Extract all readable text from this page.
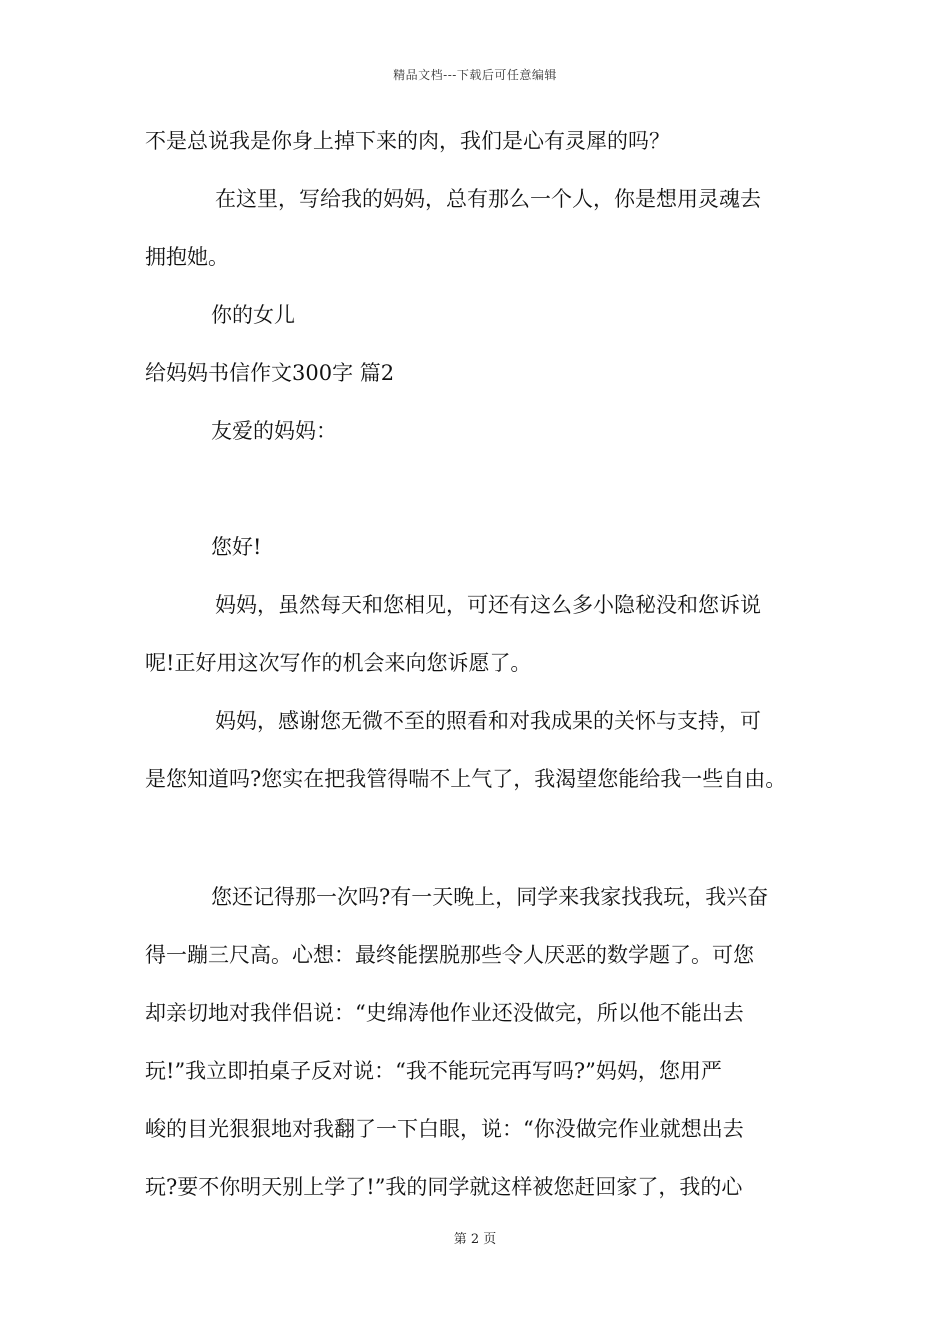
精品文档---下载后可任意编辑
不是总说我是你身上掉下来的肉，我们是心有灵犀的吗？
在这里，写给我的妈妈，总有那么一个人，你是想用灵魂去
拥抱她。
你的女儿
给妈妈书信作文300字 篇2
友爱的妈妈：
您好!
妈妈，虽然每天和您相见，可还有这么多小隐秘没和您诉说
呢!正好用这次写作的机会来向您诉愿了。
妈妈，感谢您无微不至的照看和对我成果的关怀与支持，可
是您知道吗?您实在把我管得喘不上气了，我渴望您能给我一些自由。
您还记得那一次吗?有一天晚上，同学来我家找我玩，我兴奋
得一蹦三尺高。心想：最终能摆脱那些令人厌恶的数学题了。可您
却亲切地对我伴侣说：“史绵涛他作业还没做完，所以他不能出去
玩!”我立即拍桌子反对说：“我不能玩完再写吗?”妈妈，您用严
峻的目光狠狠地对我翻了一下白眼，说：“你没做完作业就想出去
玩?要不你明天别上学了!”我的同学就这样被您赶回家了，我的心
第 2 页
